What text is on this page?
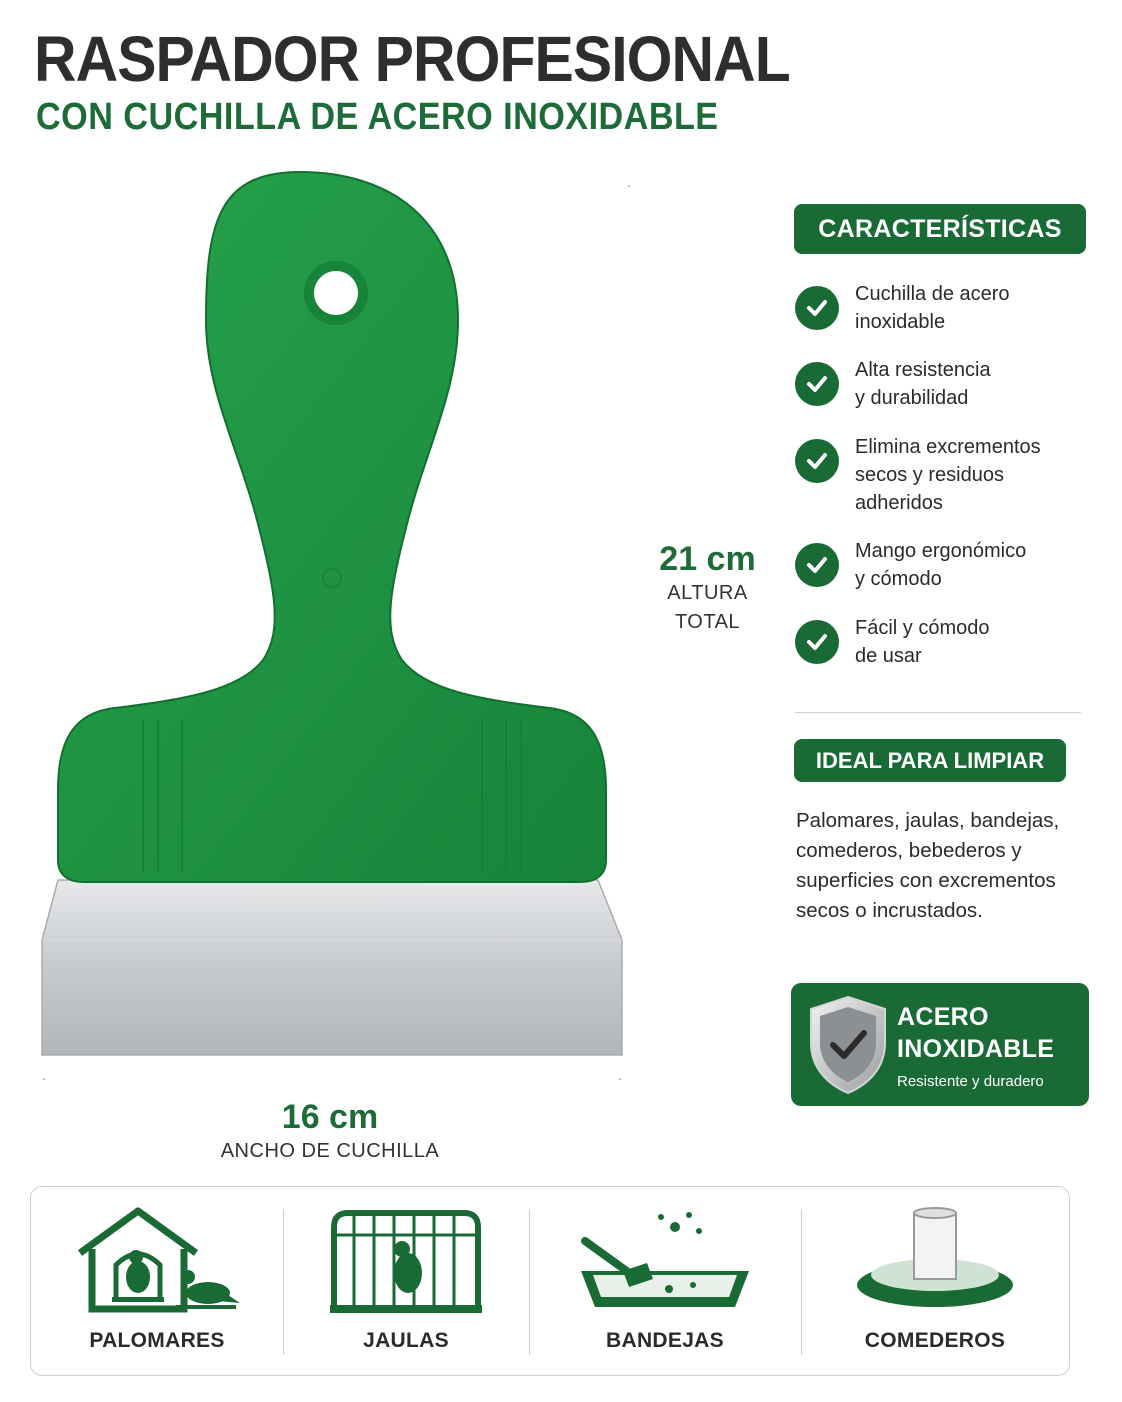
RASPADOR PROFESIONAL
CON CUCHILLA DE ACERO INOXIDABLE
21 cm
ALTURA
TOTAL
16 cm
ANCHO DE CUCHILLA
CARACTERÍSTICAS
Cuchilla de acero
inoxidable
Alta resistencia
y durabilidad
Elimina excrementos
secos y residuos
adheridos
Mango ergonómico
y cómodo
Fácil y cómodo
de usar
IDEAL PARA LIMPIAR
Palomares, jaulas, bandejas,
comederos, bebederos y
superficies con excrementos
secos o incrustados.
ACERO
INOXIDABLE
Resistente y duradero
PALOMARES	JAULAS	BANDEJAS	COMEDEROS
